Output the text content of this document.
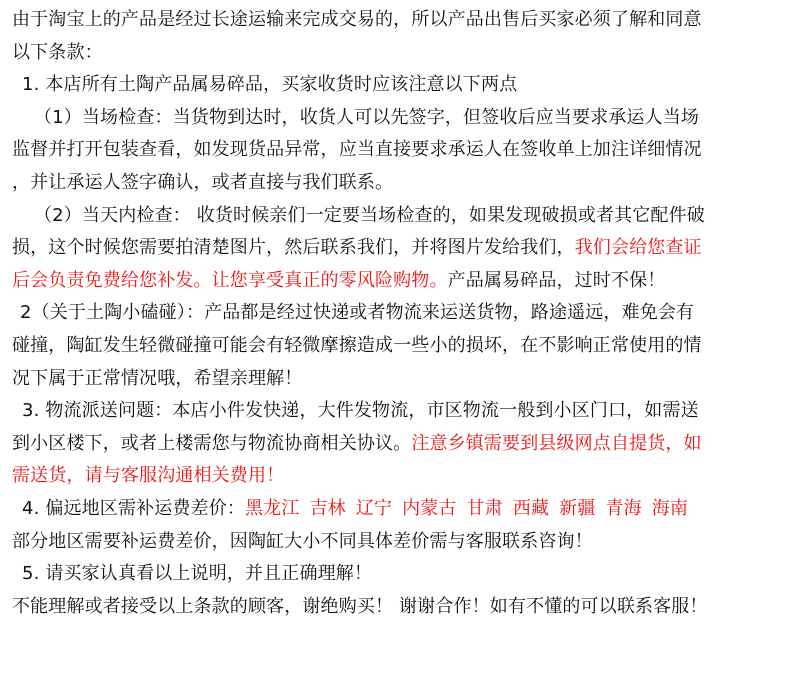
由于淘宝上的产品是经过长途运输来完成交易的，所以产品出售后买家必须了解和同意
以下条款：
1. 本店所有土陶产品属易碎品，买家收货时应该注意以下两点
（1）当场检查：当货物到达时，收货人可以先签字，但签收后应当要求承运人当场
监督并打开包装查看，如发现货品异常，应当直接要求承运人在签收单上加注详细情况
，并让承运人签字确认，或者直接与我们联系。
（2）当天内检查： 收货时候亲们一定要当场检查的，如果发现破损或者其它配件破
损，这个时候您需要拍清楚图片，然后联系我们，并将图片发给我们，我们会给您查证
后会负责免费给您补发。让您享受真正的零风险购物。产品属易碎品，过时不保！
2（关于土陶小磕碰）：产品都是经过快递或者物流来运送货物，路途遥远，难免会有
碰撞，陶缸发生轻微碰撞可能会有轻微摩擦造成一些小的损坏，在不影响正常使用的情
况下属于正常情况哦，希望亲理解！
3. 物流派送问题：本店小件发快递，大件发物流，市区物流一般到小区门口，如需送
到小区楼下，或者上楼需您与物流协商相关协议。注意乡镇需要到县级网点自提货，如
需送货，请与客服沟通相关费用！
4. 偏远地区需补运费差价：黑龙江 吉林 辽宁 内蒙古 甘肃 西藏 新疆 青海 海南
部分地区需要补运费差价，因陶缸大小不同具体差价需与客服联系咨询！
5. 请买家认真看以上说明，并且正确理解！
不能理解或者接受以上条款的顾客，谢绝购买！ 谢谢合作！如有不懂的可以联系客服！
